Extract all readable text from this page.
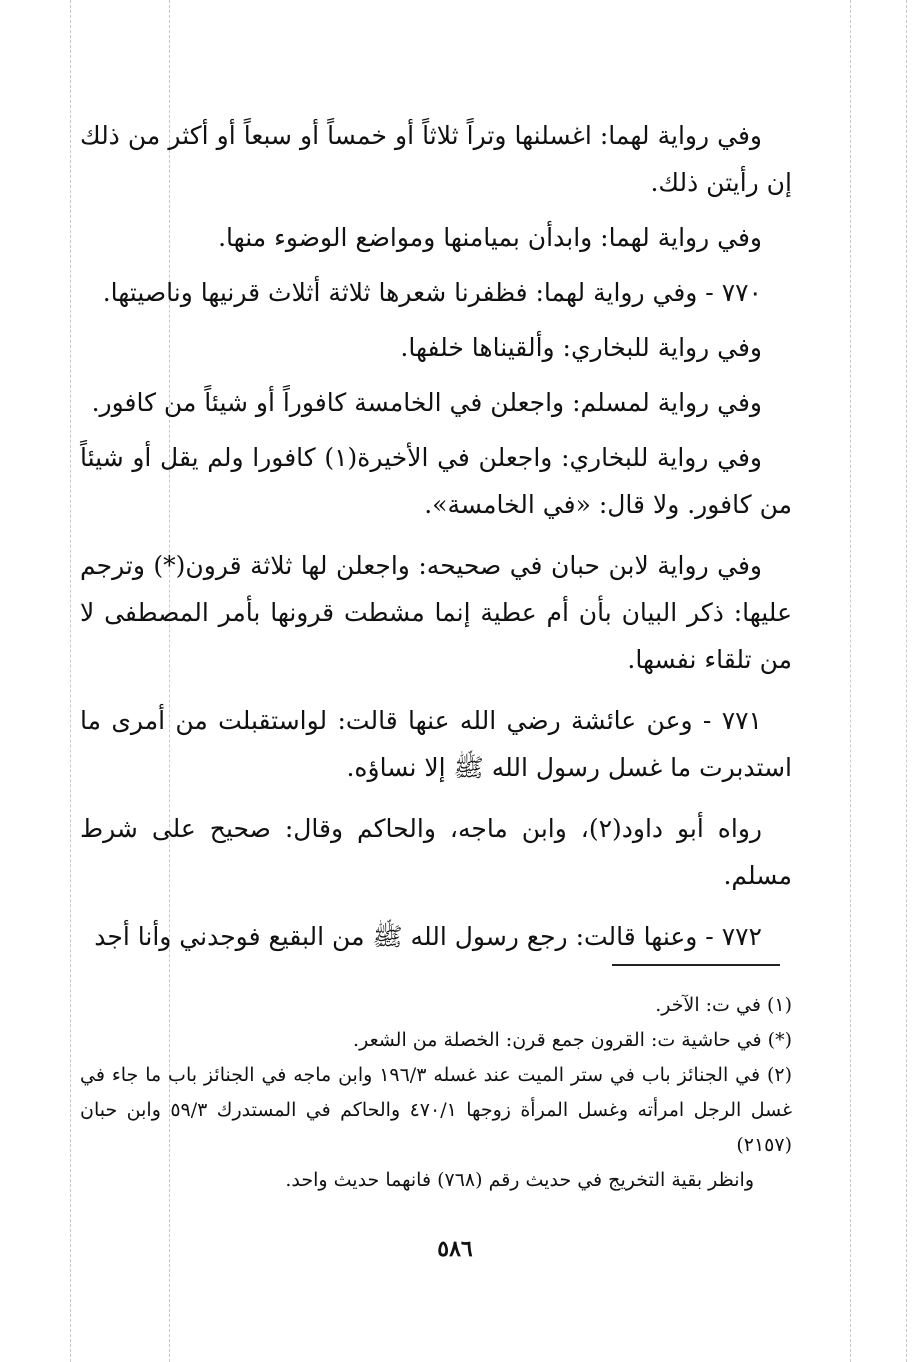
وفي رواية لهما: اغسلنها وتراً ثلاثاً أو خمساً أو سبعاً أو أكثر من ذلك إن رأيتن ذلك.

وفي رواية لهما: وابدأن بميامنها ومواضع الوضوء منها.

٧٧٠ - وفي رواية لهما: فظفرنا شعرها ثلاثة أثلاث قرنيها وناصيتها.

وفي رواية للبخاري: وألقيناها خلفها.

وفي رواية لمسلم: واجعلن في الخامسة كافوراً أو شيئاً من كافور.

وفي رواية للبخاري: واجعلن في الأخيرة(١) كافورا ولم يقل أو شيئاً من كافور. ولا قال: «في الخامسة».

وفي رواية لابن حبان في صحيحه: واجعلن لها ثلاثة قرون(*) وترجم عليها: ذكر البيان بأن أم عطية إنما مشطت قرونها بأمر المصطفى لا من تلقاء نفسها.

٧٧١ - وعن عائشة رضي الله عنها قالت: لواستقبلت من أمرى ما استدبرت ما غسل رسول الله ﷺ إلا نساؤه.

رواه أبو داود(٢)، وابن ماجه، والحاكم وقال: صحيح على شرط مسلم.

٧٧٢ - وعنها قالت: رجع رسول الله ﷺ من البقيع فوجدني وأنا أجد

(١) في ت: الآخر.

(*) في حاشية ت: القرون جمع قرن: الخصلة من الشعر.

(٢) في الجنائز باب في ستر الميت عند غسله ١٩٦/٣ وابن ماجه في الجنائز باب ما جاء في غسل الرجل امرأته وغسل المرأة زوجها ٤٧٠/١ والحاكم في المستدرك ٥٩/٣ وابن حبان (٢١٥٧)

وانظر بقية التخريج في حديث رقم (٧٦٨) فانهما حديث واحد.

٥٨٦
